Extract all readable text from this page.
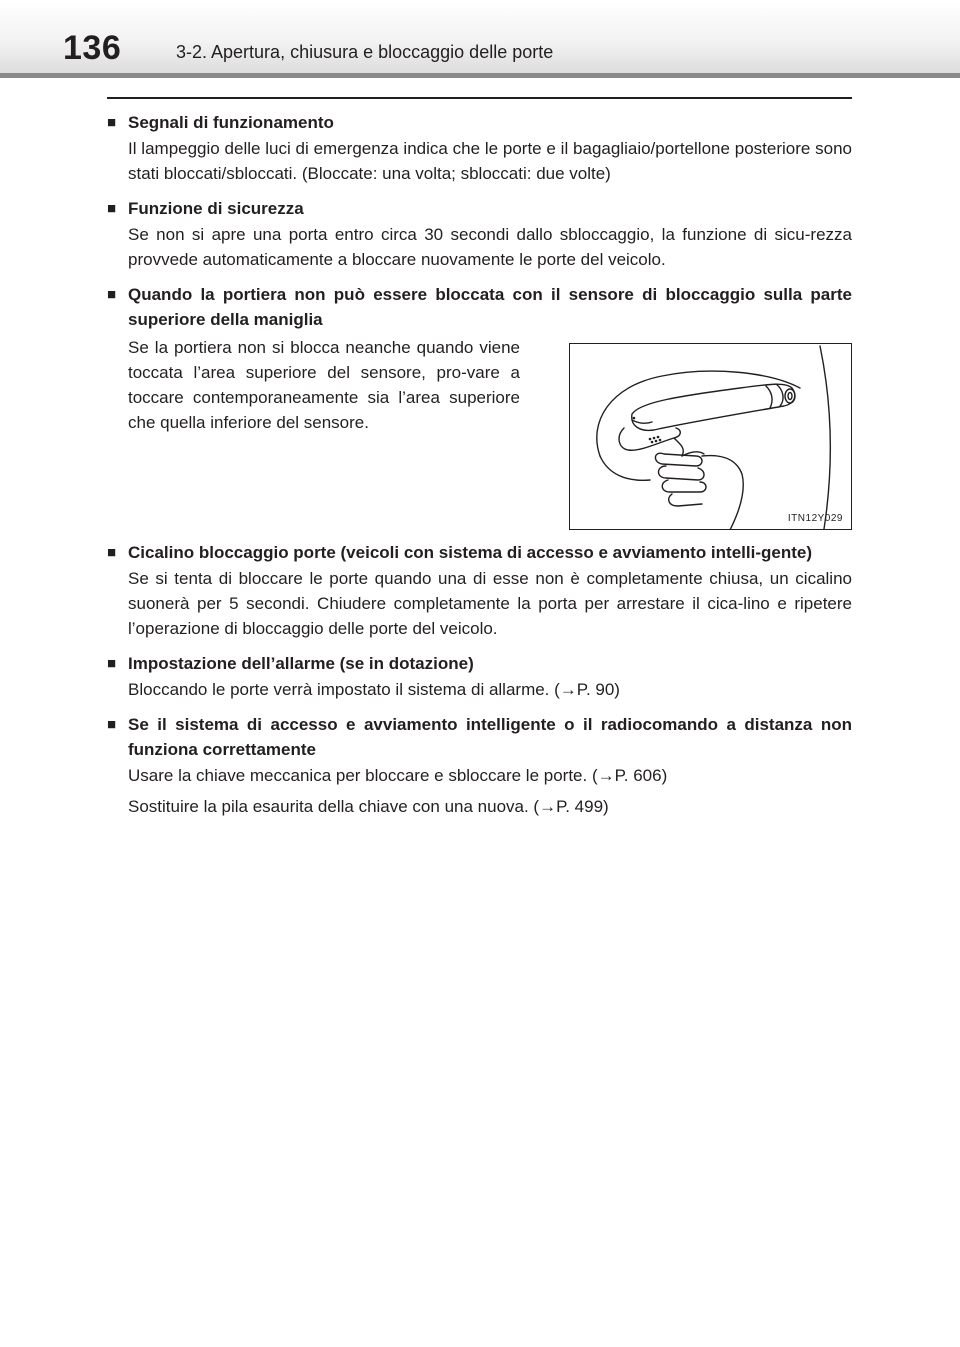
136	3-2. Apertura, chiusura e bloccaggio delle porte
■ Segnali di funzionamento

Il lampeggio delle luci di emergenza indica che le porte e il bagagliaio/portellone posteriore sono stati bloccati/sbloccati. (Bloccate: una volta; sbloccati: due volte)

■ Funzione di sicurezza

Se non si apre una porta entro circa 30 secondi dallo sbloccaggio, la funzione di sicu-rezza provvede automaticamente a bloccare nuovamente le porte del veicolo.

■ Quando la portiera non può essere bloccata con il sensore di bloccaggio sulla parte superiore della maniglia

Se la portiera non si blocca neanche quando viene toccata l’area superiore del sensore, pro-vare a toccare contemporaneamente sia l’area superiore che quella inferiore del sensore.

ITN12Y029
■ Cicalino bloccaggio porte (veicoli con sistema di accesso e avviamento intelli-gente)

Se si tenta di bloccare le porte quando una di esse non è completamente chiusa, un cicalino suonerà per 5 secondi. Chiudere completamente la porta per arrestare il cica-lino e ripetere l’operazione di bloccaggio delle porte del veicolo.

■ Impostazione dell’allarme (se in dotazione)

Bloccando le porte verrà impostato il sistema di allarme. (→P. 90)

■ Se il sistema di accesso e avviamento intelligente o il radiocomando a distanza non funziona correttamente

Usare la chiave meccanica per bloccare e sbloccare le porte. (→P. 606)

Sostituire la pila esaurita della chiave con una nuova. (→P. 499)
